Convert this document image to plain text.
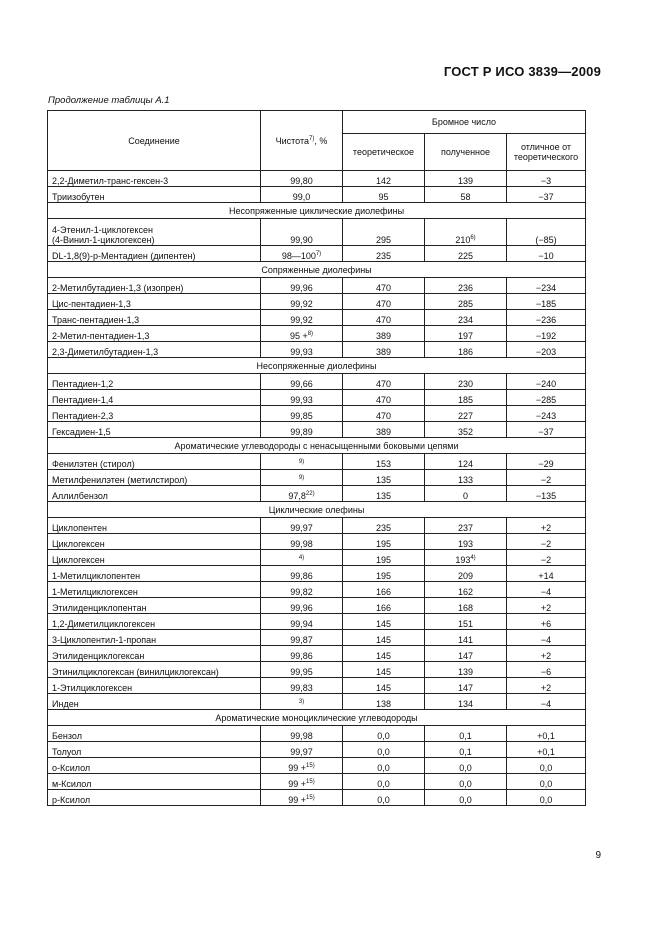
ГОСТ Р ИСО 3839—2009
Продолжение таблицы А.1
Соединение	Чистота$^{7)}$, %	Бромное число		
		теоретическое	полученное	отличное от теоретического
2,2-Диметил-транс-гексен-3	99,80	142	139	−3
Триизобутен	99,0	95	58	−37
Несопряженные циклические диолефины				
4-Этенил-1-циклогексен
(4-Винил-1-циклогексен)	99,90	295	210$^{6)}$	(−85)
DL-1,8(9)-p-Ментадиен (дипентен)	98—100$^{7)}$	235	225	−10
Сопряженные диолефины				
2-Метилбутадиен-1,3 (изопрен)	99,96	470	236	−234
Цис-пентадиен-1,3	99,92	470	285	−185
Транс-пентадиен-1,3	99,92	470	234	−236
2-Метил-пентадиен-1,3	95 +$^{8)}$	389	197	−192
2,3-Диметилбутадиен-1,3	99,93	389	186	−203
Несопряженные диолефины				
Пентадиен-1,2	99,66	470	230	−240
Пентадиен-1,4	99,93	470	185	−285
Пентадиен-2,3	99,85	470	227	−243
Гексадиен-1,5	99,89	389	352	−37
Ароматические углеводороды с ненасыщенными боковыми цепями				
Фенилэтен (стирол)	$^{9)}$	153	124	−29
Метилфенилэтен (метилстирол)	$^{9)}$	135	133	−2
Аллилбензол	97,8$^{22)}$	135	0	−135
Циклические олефины				
Циклопентен	99,97	235	237	+2
Циклогексен	99,98	195	193	−2
Циклогексен	$^{4)}$	195	$193^{4)}$	−2
1-Метилциклопентен	99,86	195	209	+14
1-Метилциклогексен	99,82	166	162	−4
Этилиденциклопентан	99,96	166	168	+2
1,2-Диметилциклогексен	99,94	145	151	+6
3-Циклопентил-1-пропан	99,87	145	141	−4
Этилиденциклогексан	99,86	145	147	+2
Этинилциклогексан (винилциклогексан)	99,95	145	139	−6
1-Этилциклогексен	99,83	145	147	+2
Инден	$^{3)}$	138	134	−4
Ароматические моноциклические углеводороды				
Бензол	99,98	0,0	0,1	+0,1
Толуол	99,97	0,0	0,1	+0,1
о-Ксилол	99 +$^{15)}$	0,0	0,0	0,0
м-Ксилол	99 +$^{15)}$	0,0	0,0	0,0
р-Ксилол	99 +$^{15)}$	0,0	0,0	0,0
9
